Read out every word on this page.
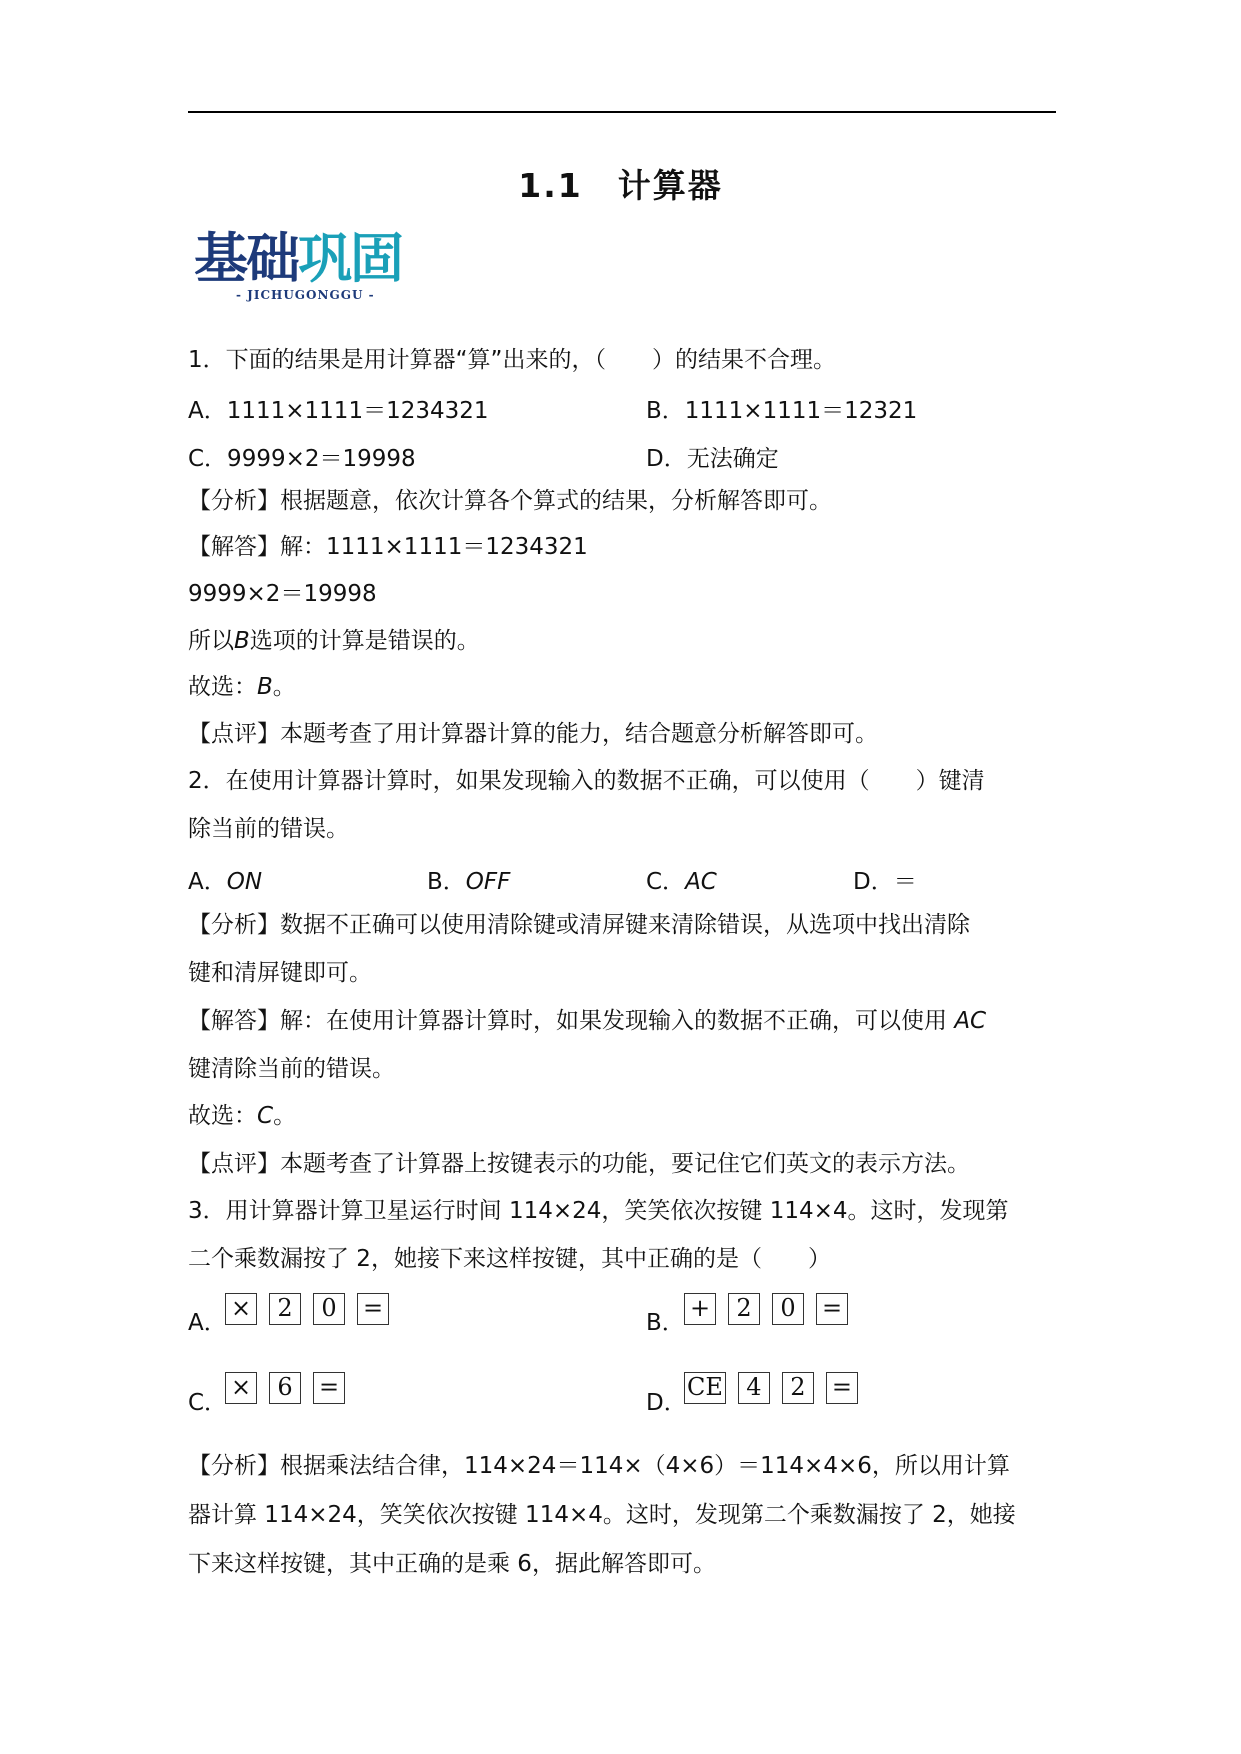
1.1　计算器
基础巩固
- JICHUGONGGU -
1．下面的结果是用计算器“算”出来的，（　　）的结果不合理。
A．1111×1111＝1234321	B．1111×1111＝12321
C．9999×2＝19998	D．无法确定
【分析】根据题意，依次计算各个算式的结果，分析解答即可。
【解答】解：1111×1111＝1234321
9999×2＝19998
所以B选项的计算是错误的。
故选：B。
【点评】本题考查了用计算器计算的能力，结合题意分析解答即可。
2．在使用计算器计算时，如果发现输入的数据不正确，可以使用（　　）键清
除当前的错误。
A．ON	B．OFF	C．AC	D．＝
【分析】数据不正确可以使用清除键或清屏键来清除错误，从选项中找出清除
键和清屏键即可。
【解答】解：在使用计算器计算时，如果发现输入的数据不正确，可以使用 AC
键清除当前的错误。
故选：C。
【点评】本题考查了计算器上按键表示的功能，要记住它们英文的表示方法。
3．用计算器计算卫星运行时间 114×24，笑笑依次按键 114×4。这时，发现第
二个乘数漏按了 2，她接下来这样按键，其中正确的是（　　）
A．
× 2 0 =
B．
+ 2 0 =
C．
× 6 =
D．
CE 4 2 =
【分析】根据乘法结合律，114×24＝114×（4×6）＝114×4×6，所以用计算
器计算 114×24，笑笑依次按键 114×4。这时，发现第二个乘数漏按了 2，她接
下来这样按键，其中正确的是乘 6，据此解答即可。
